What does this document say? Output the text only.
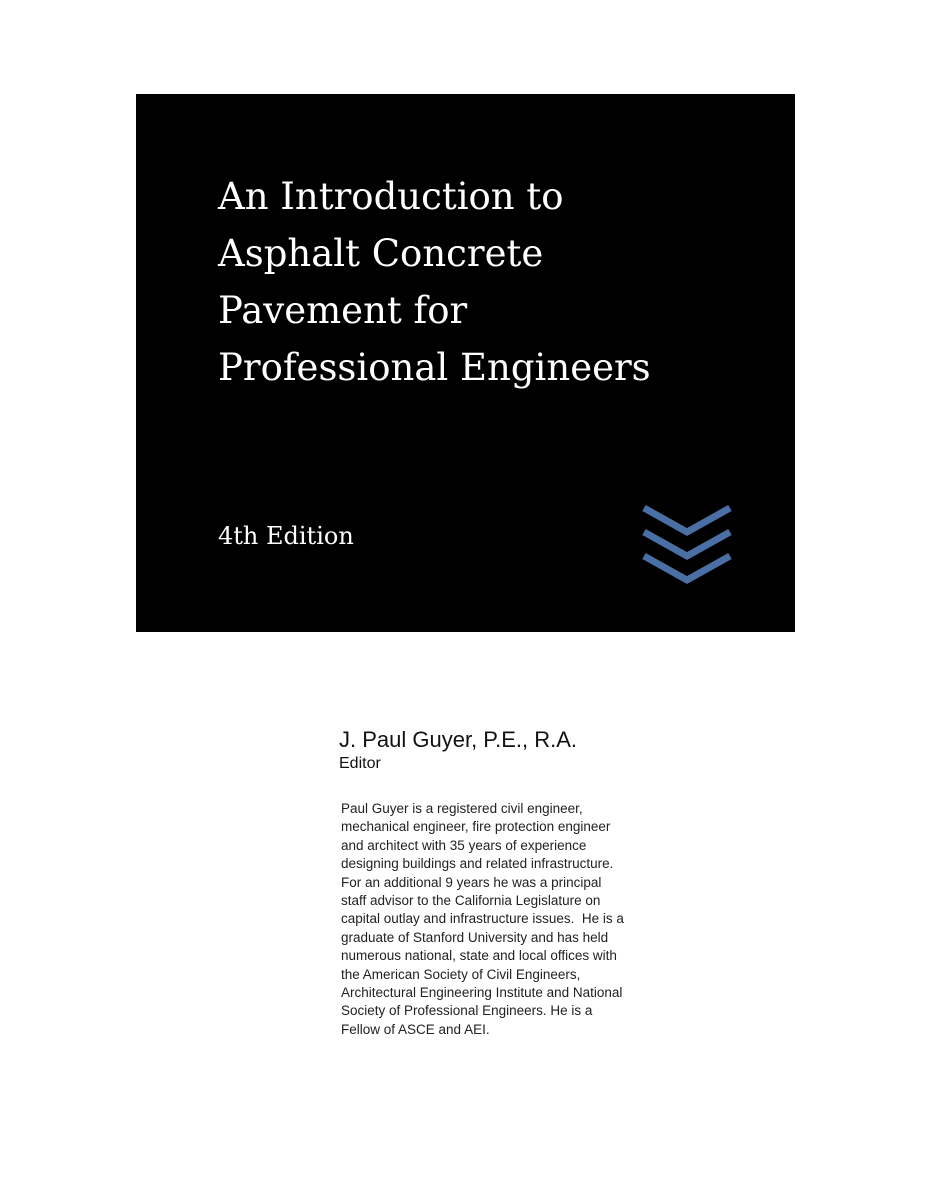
An Introduction to
Asphalt Concrete
Pavement for
Professional Engineers
4th Edition
J. Paul Guyer, P.E., R.A.
Editor
Paul Guyer is a registered civil engineer,
mechanical engineer, fire protection engineer
and architect with 35 years of experience
designing buildings and related infrastructure.
For an additional 9 years he was a principal
staff advisor to the California Legislature on
capital outlay and infrastructure issues.  He is a
graduate of Stanford University and has held
numerous national, state and local offices with
the American Society of Civil Engineers,
Architectural Engineering Institute and National
Society of Professional Engineers. He is a
Fellow of ASCE and AEI.
